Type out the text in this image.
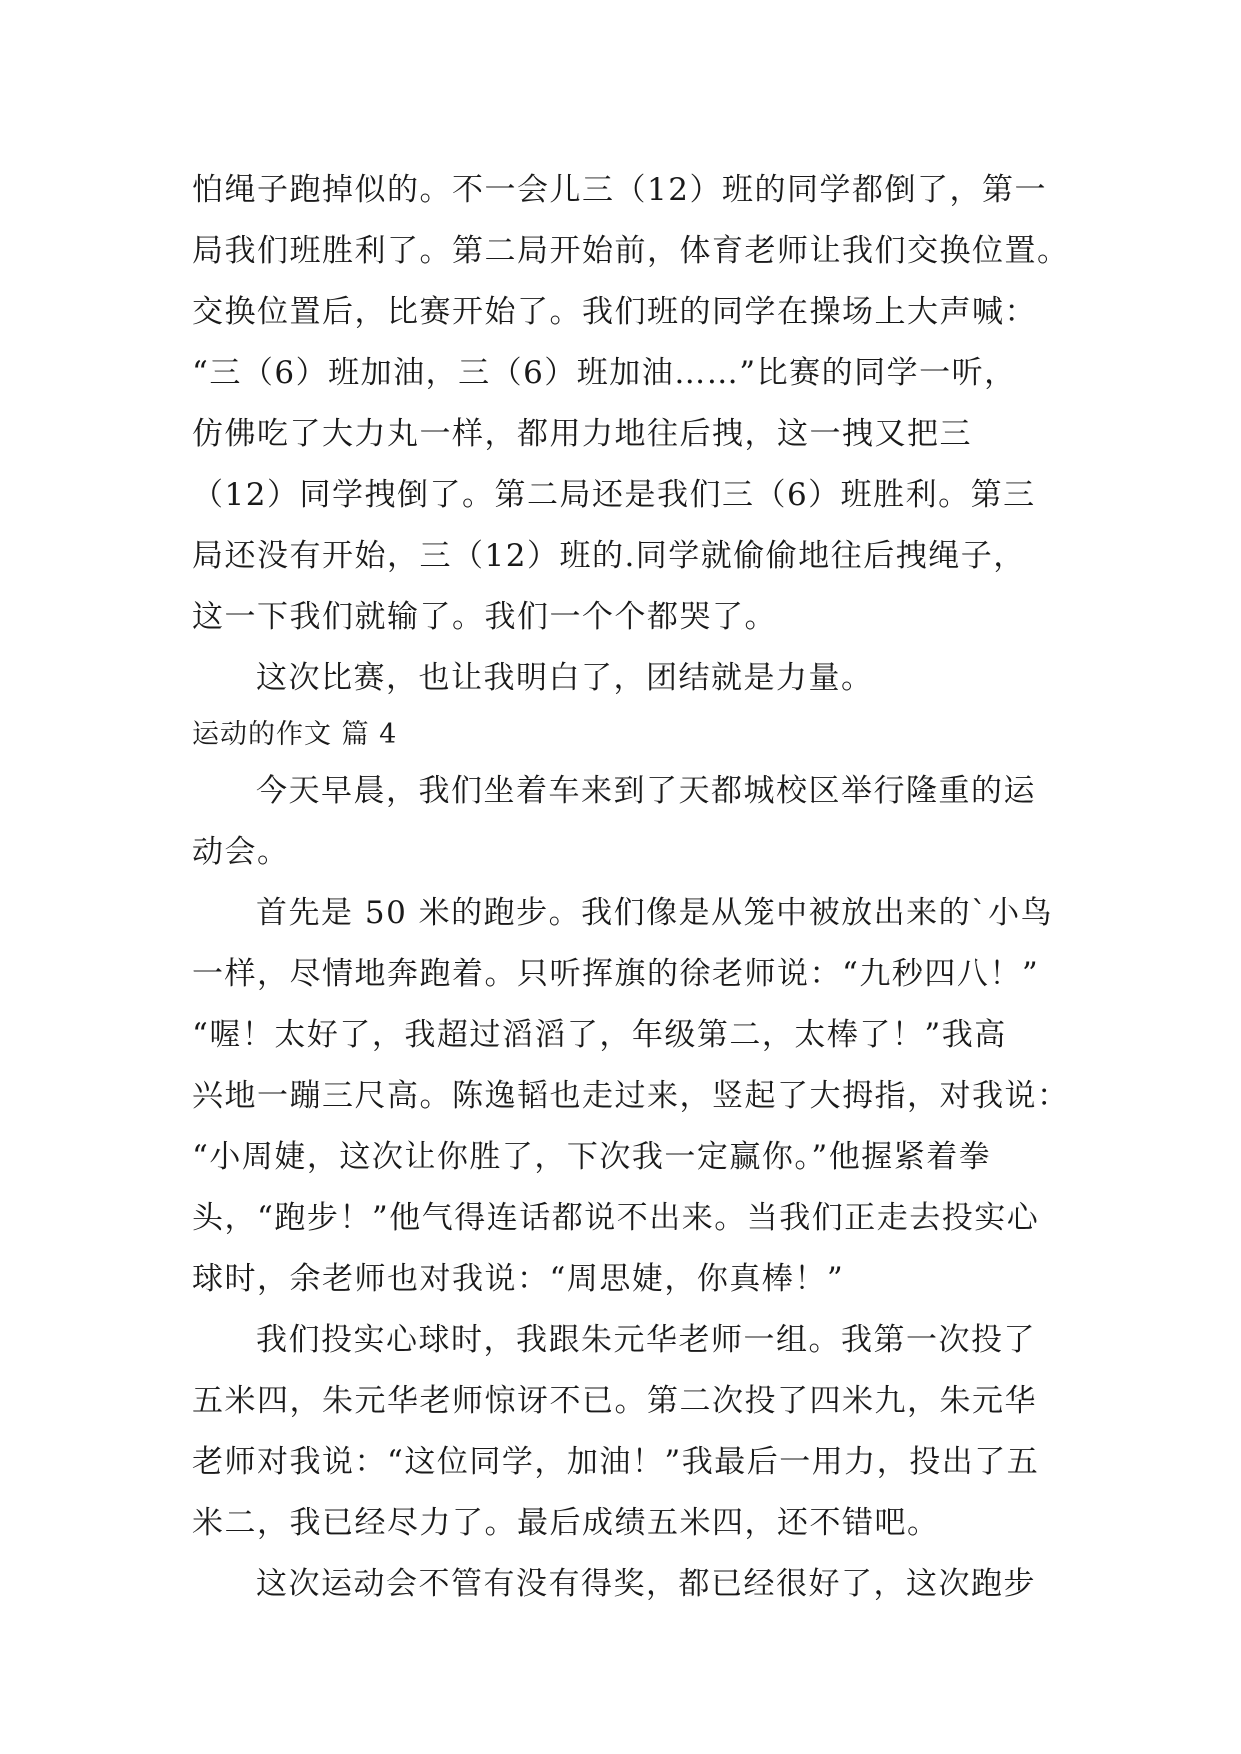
怕绳子跑掉似的。不一会儿三（12）班的同学都倒了，第一
局我们班胜利了。第二局开始前，体育老师让我们交换位置。
交换位置后，比赛开始了。我们班的同学在操场上大声喊：
“三（6）班加油，三（6）班加油……”比赛的同学一听，
仿佛吃了大力丸一样，都用力地往后拽，这一拽又把三
（12）同学拽倒了。第二局还是我们三（6）班胜利。第三
局还没有开始，三（12）班的.同学就偷偷地往后拽绳子，
这一下我们就输了。我们一个个都哭了。
这次比赛，也让我明白了，团结就是力量。
运动的作文 篇 4
今天早晨，我们坐着车来到了天都城校区举行隆重的运
动会。
首先是 50 米的跑步。我们像是从笼中被放出来的`小鸟
一样，尽情地奔跑着。只听挥旗的徐老师说：“九秒四八！”
“喔！太好了，我超过滔滔了，年级第二，太棒了！”我高
兴地一蹦三尺高。陈逸韬也走过来，竖起了大拇指，对我说：
“小周婕，这次让你胜了，下次我一定赢你。”他握紧着拳
头，“跑步！”他气得连话都说不出来。当我们正走去投实心
球时，余老师也对我说：“周思婕，你真棒！”
我们投实心球时，我跟朱元华老师一组。我第一次投了
五米四，朱元华老师惊讶不已。第二次投了四米九，朱元华
老师对我说：“这位同学，加油！”我最后一用力，投出了五
米二，我已经尽力了。最后成绩五米四，还不错吧。
这次运动会不管有没有得奖，都已经很好了，这次跑步
